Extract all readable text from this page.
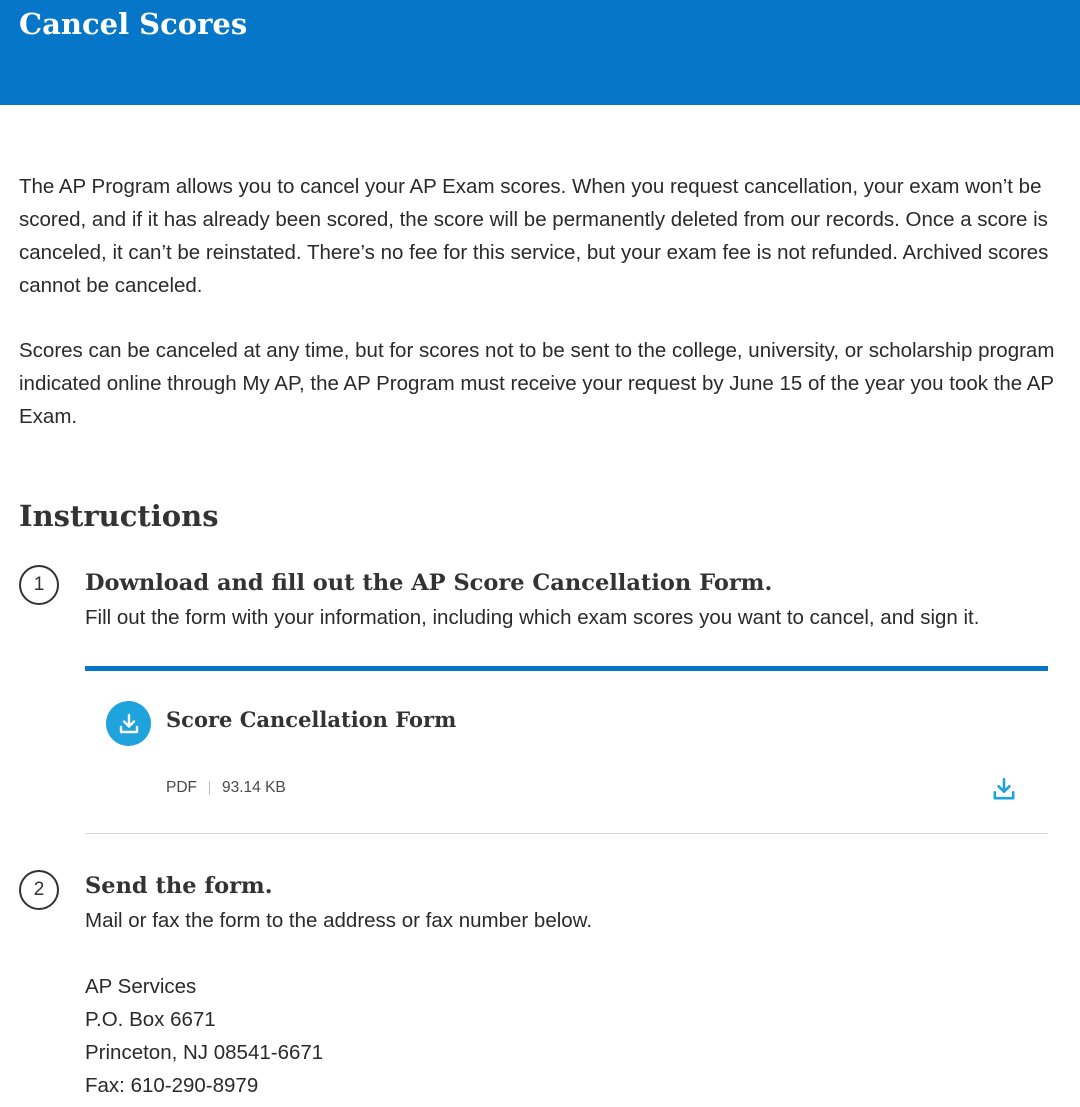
Cancel Scores

The AP Program allows you to cancel your AP Exam scores. When you request cancellation, your exam won’t be scored, and if it has already been scored, the score will be permanently deleted from our records. Once a score is canceled, it can’t be reinstated. There’s no fee for this service, but your exam fee is not refunded. Archived scores cannot be canceled.

Scores can be canceled at any time, but for scores not to be sent to the college, university, or scholarship program indicated online through My AP, the AP Program must receive your request by June 15 of the year you took the AP Exam.

Instructions
1	Download and fill out the AP Score Cancellation Form.

Fill out the form with your information, including which exam scores you want to cancel, and sign it.

Score Cancellation Form
PDF 93.14 KB
2	Send the form.

Mail or fax the form to the address or fax number below.

AP Services
P.O. Box 6671
Princeton, NJ 08541-6671
Fax: 610-290-8979
